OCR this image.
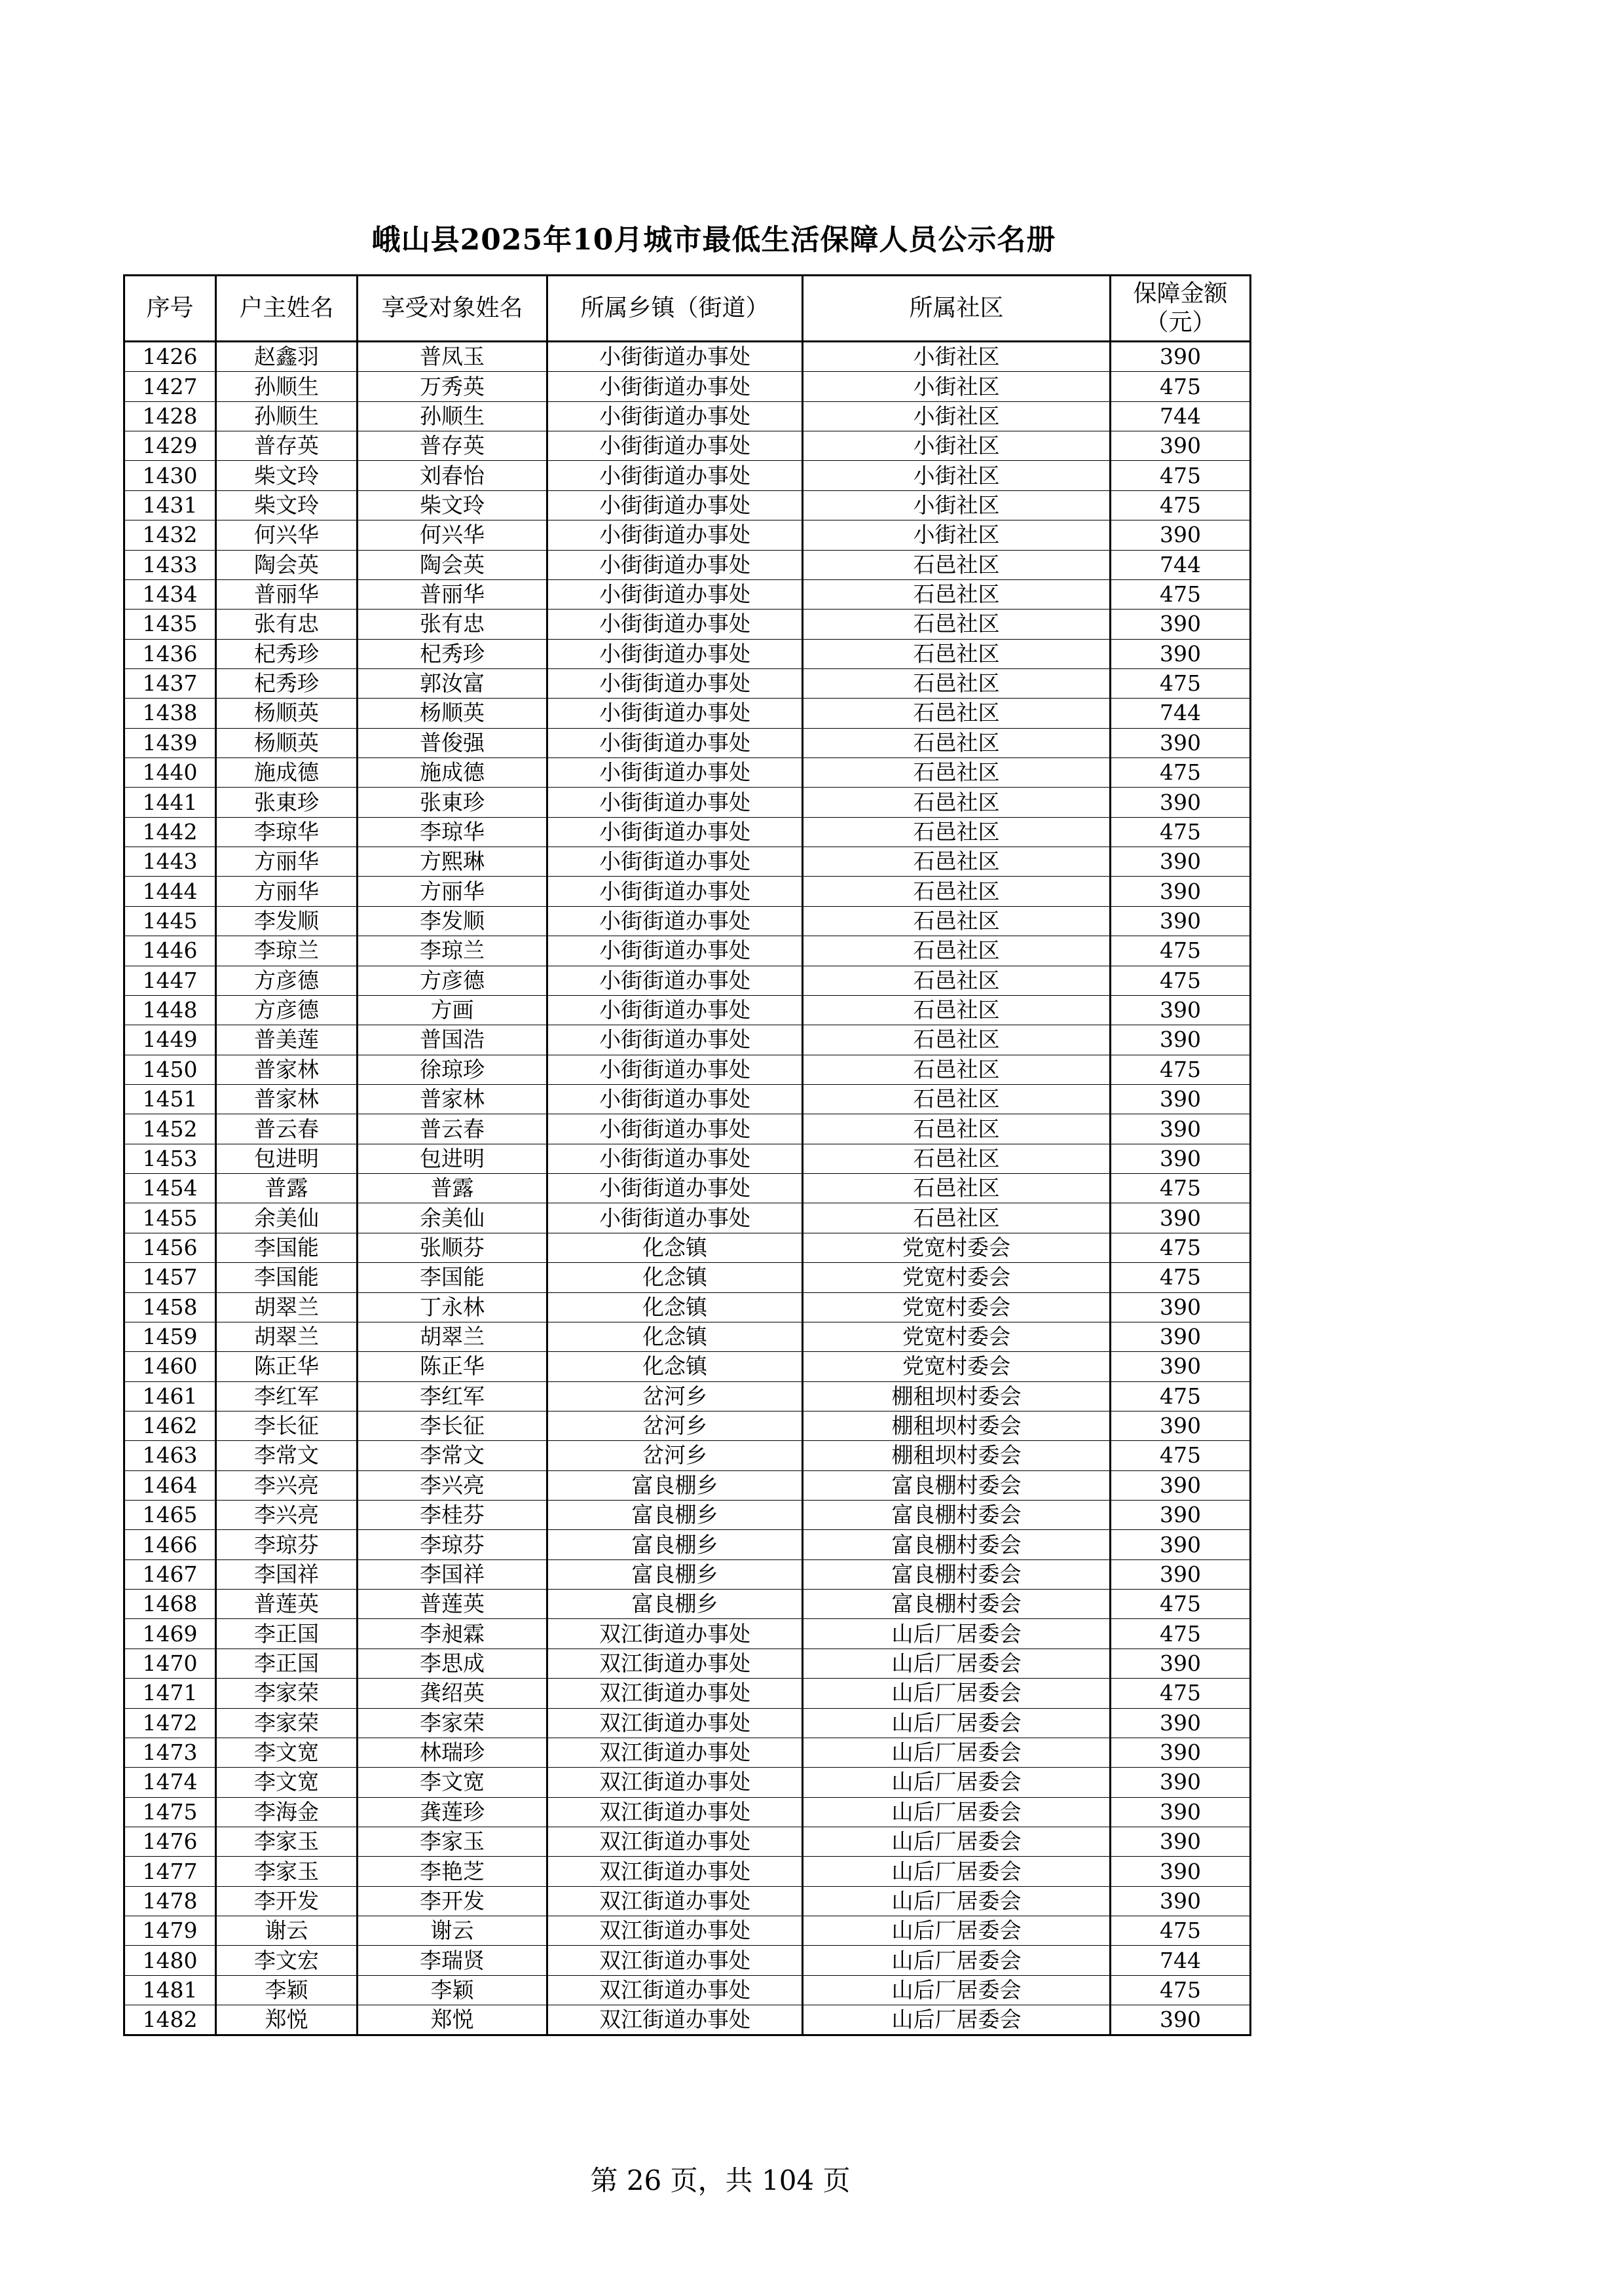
峨山县2025年10月城市最低生活保障人员公示名册
序号	户主姓名	享受对象姓名	所属乡镇（街道）	所属社区	保障金额
（元）

1426	赵鑫羽	普凤玉	小街街道办事处	小街社区	390
1427	孙顺生	万秀英	小街街道办事处	小街社区	475
1428	孙顺生	孙顺生	小街街道办事处	小街社区	744
1429	普存英	普存英	小街街道办事处	小街社区	390
1430	柴文玲	刘春怡	小街街道办事处	小街社区	475
1431	柴文玲	柴文玲	小街街道办事处	小街社区	475
1432	何兴华	何兴华	小街街道办事处	小街社区	390
1433	陶会英	陶会英	小街街道办事处	石邑社区	744
1434	普丽华	普丽华	小街街道办事处	石邑社区	475
1435	张有忠	张有忠	小街街道办事处	石邑社区	390
1436	杞秀珍	杞秀珍	小街街道办事处	石邑社区	390
1437	杞秀珍	郭汝富	小街街道办事处	石邑社区	475
1438	杨顺英	杨顺英	小街街道办事处	石邑社区	744
1439	杨顺英	普俊强	小街街道办事处	石邑社区	390
1440	施成德	施成德	小街街道办事处	石邑社区	475
1441	张東珍	张東珍	小街街道办事处	石邑社区	390
1442	李琼华	李琼华	小街街道办事处	石邑社区	475
1443	方丽华	方熙琳	小街街道办事处	石邑社区	390
1444	方丽华	方丽华	小街街道办事处	石邑社区	390
1445	李发顺	李发顺	小街街道办事处	石邑社区	390
1446	李琼兰	李琼兰	小街街道办事处	石邑社区	475
1447	方彦德	方彦德	小街街道办事处	石邑社区	475
1448	方彦德	方画	小街街道办事处	石邑社区	390
1449	普美莲	普国浩	小街街道办事处	石邑社区	390
1450	普家林	徐琼珍	小街街道办事处	石邑社区	475
1451	普家林	普家林	小街街道办事处	石邑社区	390
1452	普云春	普云春	小街街道办事处	石邑社区	390
1453	包进明	包进明	小街街道办事处	石邑社区	390
1454	普露	普露	小街街道办事处	石邑社区	475
1455	余美仙	余美仙	小街街道办事处	石邑社区	390
1456	李国能	张顺芬	化念镇	党宽村委会	475
1457	李国能	李国能	化念镇	党宽村委会	475
1458	胡翠兰	丁永林	化念镇	党宽村委会	390
1459	胡翠兰	胡翠兰	化念镇	党宽村委会	390
1460	陈正华	陈正华	化念镇	党宽村委会	390
1461	李红军	李红军	岔河乡	棚租坝村委会	475
1462	李长征	李长征	岔河乡	棚租坝村委会	390
1463	李常文	李常文	岔河乡	棚租坝村委会	475
1464	李兴亮	李兴亮	富良棚乡	富良棚村委会	390
1465	李兴亮	李桂芬	富良棚乡	富良棚村委会	390
1466	李琼芬	李琼芬	富良棚乡	富良棚村委会	390
1467	李国祥	李国祥	富良棚乡	富良棚村委会	390
1468	普莲英	普莲英	富良棚乡	富良棚村委会	475
1469	李正国	李昶霖	双江街道办事处	山后厂居委会	475
1470	李正国	李思成	双江街道办事处	山后厂居委会	390
1471	李家荣	龚绍英	双江街道办事处	山后厂居委会	475
1472	李家荣	李家荣	双江街道办事处	山后厂居委会	390
1473	李文宽	林瑞珍	双江街道办事处	山后厂居委会	390
1474	李文宽	李文宽	双江街道办事处	山后厂居委会	390
1475	李海金	龚莲珍	双江街道办事处	山后厂居委会	390
1476	李家玉	李家玉	双江街道办事处	山后厂居委会	390
1477	李家玉	李艳芝	双江街道办事处	山后厂居委会	390
1478	李开发	李开发	双江街道办事处	山后厂居委会	390
1479	谢云	谢云	双江街道办事处	山后厂居委会	475
1480	李文宏	李瑞贤	双江街道办事处	山后厂居委会	744
1481	李颖	李颖	双江街道办事处	山后厂居委会	475
1482	郑悦	郑悦	双江街道办事处	山后厂居委会	390
第 26 页，共 104 页
